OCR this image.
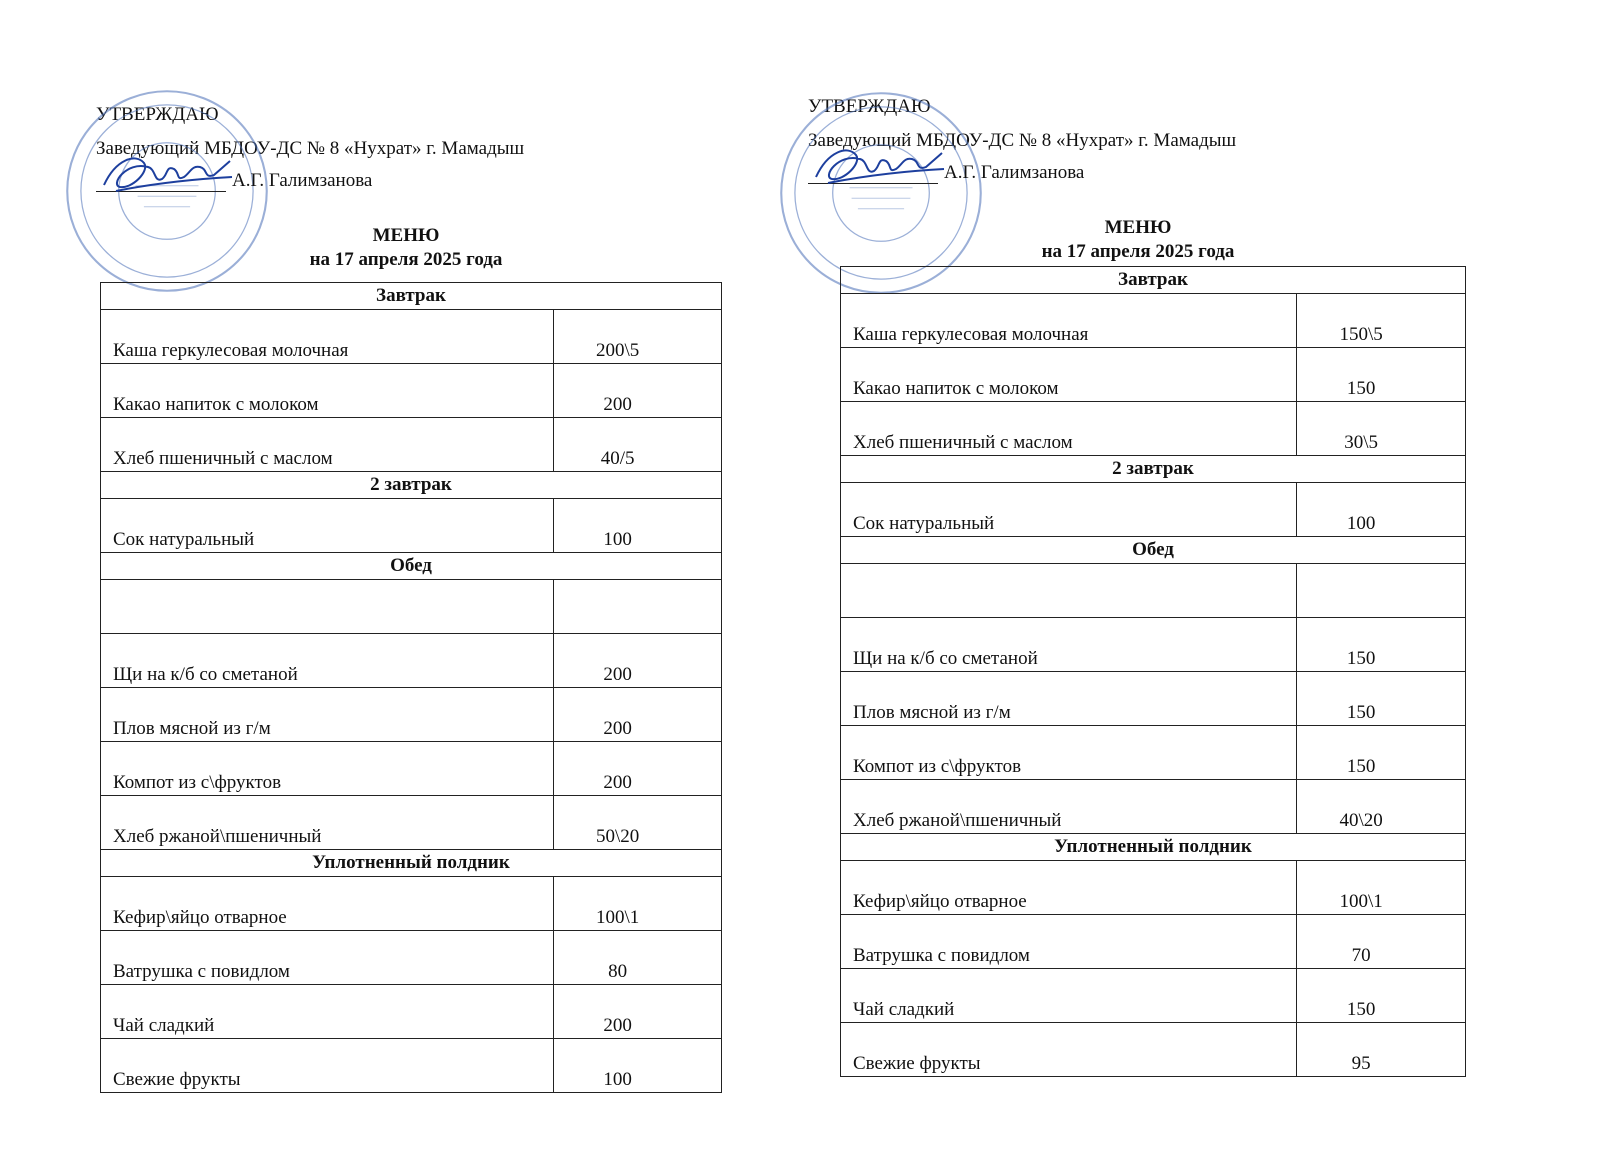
УТВЕРЖДАЮ
Заведующий МБДОУ-ДС № 8 «Нухрат» г. Мамадыш
А.Г. Галимзанова
МЕНЮ
на 17 апреля 2025 года
Завтрак	
Каша геркулесовая молочная	200\5
Какао напиток с молоком	200
Хлеб пшеничный с маслом	40/5
2 завтрак	
Сок натуральный	100
Обед	

Щи на к/б со сметаной	200
Плов мясной из г/м	200
Компот из с\фруктов	200
Хлеб ржаной\пшеничный	50\20
Уплотненный полдник	
Кефир\яйцо отварное	100\1
Ватрушка с повидлом	80
Чай сладкий	200
Свежие фрукты	100
УТВЕРЖДАЮ
Заведующий МБДОУ-ДС № 8 «Нухрат» г. Мамадыш
А.Г. Галимзанова
МЕНЮ
на 17 апреля 2025 года
Завтрак	
Каша геркулесовая молочная	150\5
Какао напиток с молоком	150
Хлеб пшеничный с маслом	30\5
2 завтрак	
Сок натуральный	100
Обед	

Щи на к/б со сметаной	150
Плов мясной из г/м	150
Компот из с\фруктов	150
Хлеб ржаной\пшеничный	40\20
Уплотненный полдник	
Кефир\яйцо отварное	100\1
Ватрушка с повидлом	70
Чай сладкий	150
Свежие фрукты	95
